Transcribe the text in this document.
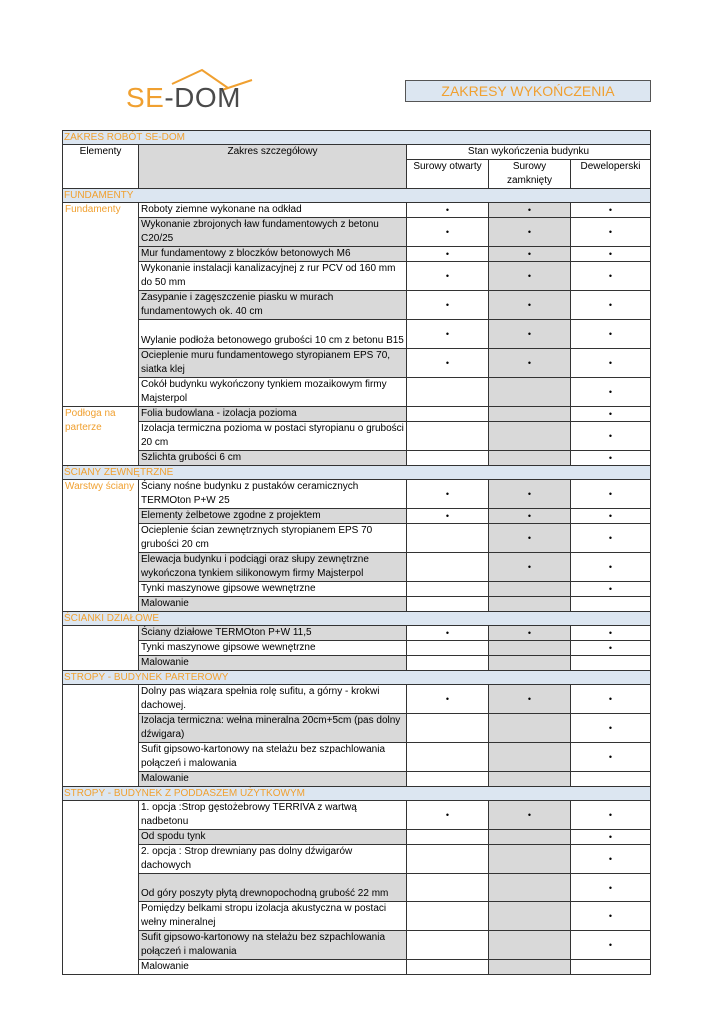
SE-DOM	ZAKRESY WYKOŃCZENIA
ZAKRES ROBÓT SE-DOM				
Elementy	Zakres szczegółowy	Stan wykończenia budynku		
		Surowy otwarty	Surowy zamknięty	Deweloperski
FUNDAMENTY				
Fundamenty	Roboty ziemne wykonane na odkład	•	•	•
	Wykonanie zbrojonych ław fundamentowych z betonu C20/25	•	•	•
	Mur fundamentowy z bloczków betonowych M6	•	•	•
	Wykonanie instalacji kanalizacyjnej z rur PCV od 160 mm do 50 mm	•	•	•
	Zasypanie i zagęszczenie piasku w murach fundamentowych ok. 40 cm	•	•	•
	Wylanie podłoża betonowego grubości 10 cm z betonu B15	•	•	•
	Ocieplenie muru fundamentowego styropianem EPS 70, siatka klej	•	•	•
	Cokół budynku wykończony tynkiem mozaikowym firmy Majsterpol			•
Podłoga na parterze	Folia budowlana - izolacja pozioma			•
	Izolacja termiczna pozioma w postaci styropianu o grubości 20 cm			•
	Szlichta grubości 6 cm			•
ŚCIANY ZEWNĘTRZNE				
Warstwy ściany	Ściany nośne budynku z pustaków ceramicznych TERMOton P+W 25	•	•	•
	Elementy żelbetowe zgodne z projektem	•	•	•
	Ocieplenie ścian zewnętrznych styropianem EPS 70 grubości 20 cm		•	•
	Elewacja budynku i podciągi oraz słupy zewnętrzne wykończona tynkiem silikonowym firmy Majsterpol		•	•
	Tynki maszynowe gipsowe wewnętrzne			•
	Malowanie			
ŚCIANKI DZIAŁOWE				
	Ściany działowe TERMOton P+W 11,5	•	•	•
	Tynki maszynowe gipsowe wewnętrzne			•
	Malowanie			
STROPY - BUDYNEK PARTEROWY				
	Dolny pas wiązara spełnia rolę sufitu, a górny - krokwi dachowej.	•	•	•
	Izolacja termiczna: wełna mineralna 20cm+5cm (pas dolny dźwigara)			•
	Sufit gipsowo-kartonowy na stelażu bez szpachlowania połączeń i malowania			•
	Malowanie			
STROPY - BUDYNEK Z PODDASZEM UŻYTKOWYM				
	1. opcja :Strop gęstożebrowy TERRIVA z wartwą nadbetonu	•	•	•
	Od spodu tynk			•
	2. opcja : Strop drewniany pas dolny dźwigarów dachowych			•
	Od góry poszyty płytą drewnopochodną grubość 22 mm			•
	Pomiędzy belkami stropu izolacja akustyczna w postaci wełny mineralnej			•
	Sufit gipsowo-kartonowy na stelażu bez szpachlowania połączeń i malowania			•
	Malowanie			
